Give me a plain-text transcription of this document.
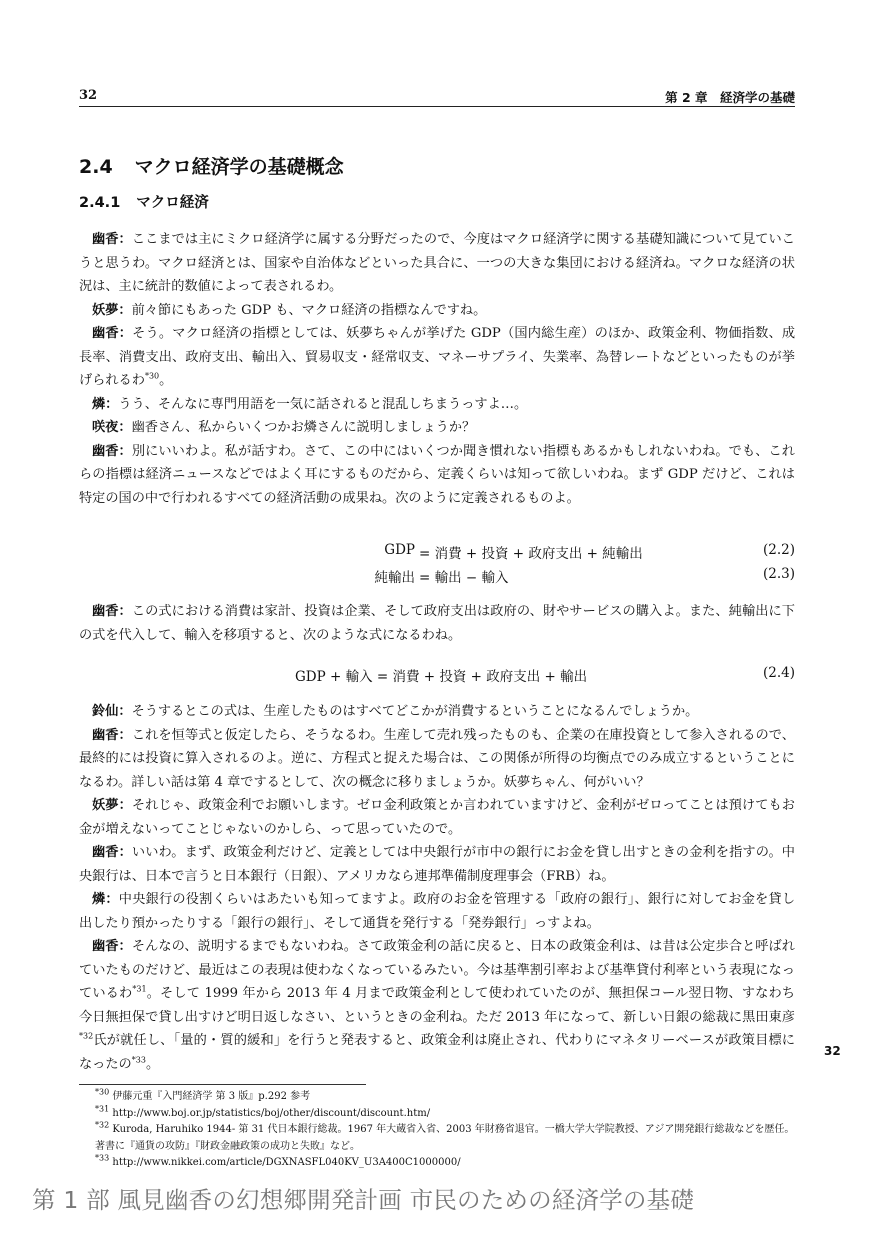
32	第 2 章　経済学の基礎
2.4 マクロ経済学の基礎概念
2.4.1 マクロ経済

幽香：ここまでは主にミクロ経済学に属する分野だったので、今度はマクロ経済学に関する基礎知識について見ていこうと思うわ。マクロ経済とは、国家や自治体などといった具合に、一つの大きな集団における経済ね。マクロな経済の状況は、主に統計的数値によって表されるわ。

妖夢：前々節にもあった GDP も、マクロ経済の指標なんですね。

幽香：そう。マクロ経済の指標としては、妖夢ちゃんが挙げた GDP（国内総生産）のほか、政策金利、物価指数、成長率、消費支出、政府支出、輸出入、貿易収支・経常収支、マネーサプライ、失業率、為替レートなどといったものが挙げられるわ$^{*30}$。

燐：うう、そんなに専門用語を一気に話されると混乱しちまうっすよ…。

咲夜：幽香さん、私からいくつかお燐さんに説明しましょうか？

幽香：別にいいわよ。私が話すわ。さて、この中にはいくつか聞き慣れない指標もあるかもしれないわね。でも、これらの指標は経済ニュースなどではよく耳にするものだから、定義くらいは知って欲しいわね。まず GDP だけど、これは特定の国の中で行われるすべての経済活動の成果ね。次のように定義されるものよ。

GDP = 消費 + 投資 + 政府支出 + 純輸出	(2.2)
純輸出 = 輸出 − 輸入	(2.3)

幽香：この式における消費は家計、投資は企業、そして政府支出は政府の、財やサービスの購入よ。また、純輸出に下の式を代入して、輸入を移項すると、次のような式になるわね。

GDP + 輸入 = 消費 + 投資 + 政府支出 + 輸出	(2.4)

鈴仙：そうするとこの式は、生産したものはすべてどこかが消費するということになるんでしょうか。

幽香：これを恒等式と仮定したら、そうなるわ。生産して売れ残ったものも、企業の在庫投資として参入されるので、最終的には投資に算入されるのよ。逆に、方程式と捉えた場合は、この関係が所得の均衡点でのみ成立するということになるわ。詳しい話は第 4 章でするとして、次の概念に移りましょうか。妖夢ちゃん、何がいい？

妖夢：それじゃ、政策金利でお願いします。ゼロ金利政策とか言われていますけど、金利がゼロってことは預けてもお金が増えないってことじゃないのかしら、って思っていたので。

幽香：いいわ。まず、政策金利だけど、定義としては中央銀行が市中の銀行にお金を貸し出すときの金利を指すの。中央銀行は、日本で言うと日本銀行（日銀）、アメリカなら連邦準備制度理事会（FRB）ね。

燐：中央銀行の役割くらいはあたいも知ってますよ。政府のお金を管理する「政府の銀行」、銀行に対してお金を貸し出したり預かったりする「銀行の銀行」、そして通貨を発行する「発券銀行」っすよね。

幽香：そんなの、説明するまでもないわね。さて政策金利の話に戻ると、日本の政策金利は、は昔は公定歩合と呼ばれていたものだけど、最近はこの表現は使わなくなっているみたい。今は基準割引率および基準貸付利率という表現になっているわ$^{*31}$。そして 1999 年から 2013 年 4 月まで政策金利として使われていたのが、無担保コール翌日物、すなわち今日無担保で貸し出すけど明日返しなさい、というときの金利ね。ただ 2013 年になって、新しい日銀の総裁に黒田東彦$^{*32}$氏が就任し、「量的・質的緩和」を行うと発表すると、政策金利は廃止され、代わりにマネタリーベースが政策目標になったの$^{*33}$。

32

$^{*30}$ 伊藤元重『入門経済学 第 3 版』p.292 参考

$^{*31}$ http://www.boj.or.jp/statistics/boj/other/discount/discount.htm/

$^{*32}$ Kuroda, Haruhiko 1944- 第 31 代日本銀行総裁。1967 年大蔵省入省、2003 年財務省退官。一橋大学大学院教授、アジア開発銀行総裁などを歴任。著書に『通貨の攻防』『財政金融政策の成功と失敗』など。

$^{*33}$ http://www.nikkei.com/article/DGXNASFL040KV_U3A400C1000000/

第 1 部 風見幽香の幻想郷開発計画 市民のための経済学の基礎
